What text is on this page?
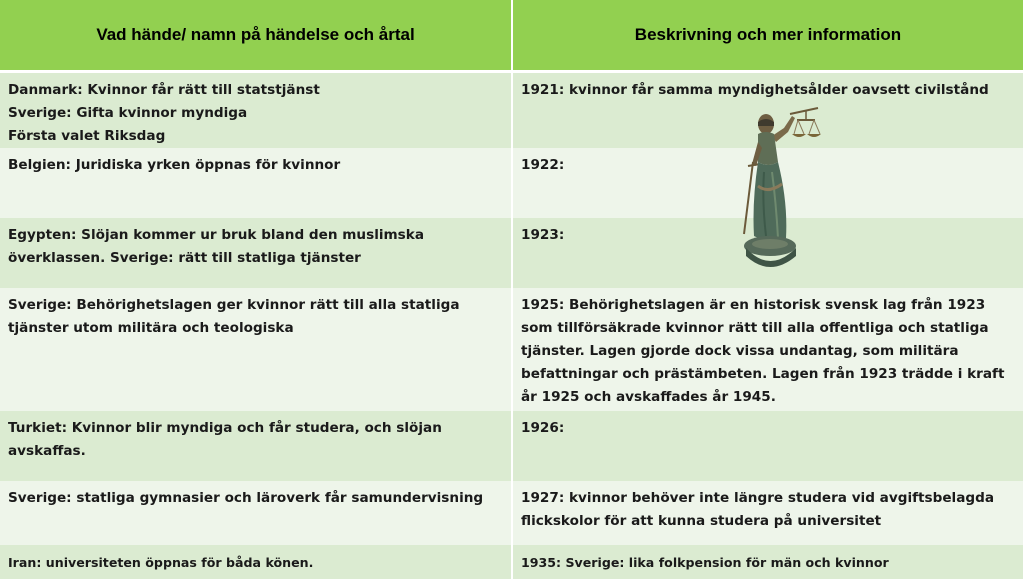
Vad hände/ namn på händelse och årtal	Beskrivning och mer information
Danmark: Kvinnor får rätt till statstjänst
Sverige: Gifta kvinnor myndiga
Första valet Riksdag	1921: kvinnor får samma myndighetsålder oavsett civilstånd
Belgien: Juridiska yrken öppnas för kvinnor	1922:
Egypten: Slöjan kommer ur bruk bland den muslimska överklassen. Sverige: rätt till statliga tjänster	1923:
Sverige: Behörighetslagen ger kvinnor rätt till alla statliga tjänster utom militära och teologiska	1925: Behörighetslagen är en historisk svensk lag från 1923 som tillförsäkrade kvinnor rätt till alla offentliga och statliga tjänster. Lagen gjorde dock vissa undantag, som militära befattningar och prästämbeten. Lagen från 1923 trädde i kraft år 1925 och avskaffades år 1945.
Turkiet: Kvinnor blir myndiga och får studera, och slöjan avskaffas.	1926:
Sverige: statliga gymnasier och läroverk får samundervisning	1927: kvinnor behöver inte längre studera vid avgiftsbelagda flickskolor för att kunna studera på universitet
Iran: universiteten öppnas för båda könen.	1935: Sverige: lika folkpension för män och kvinnor
